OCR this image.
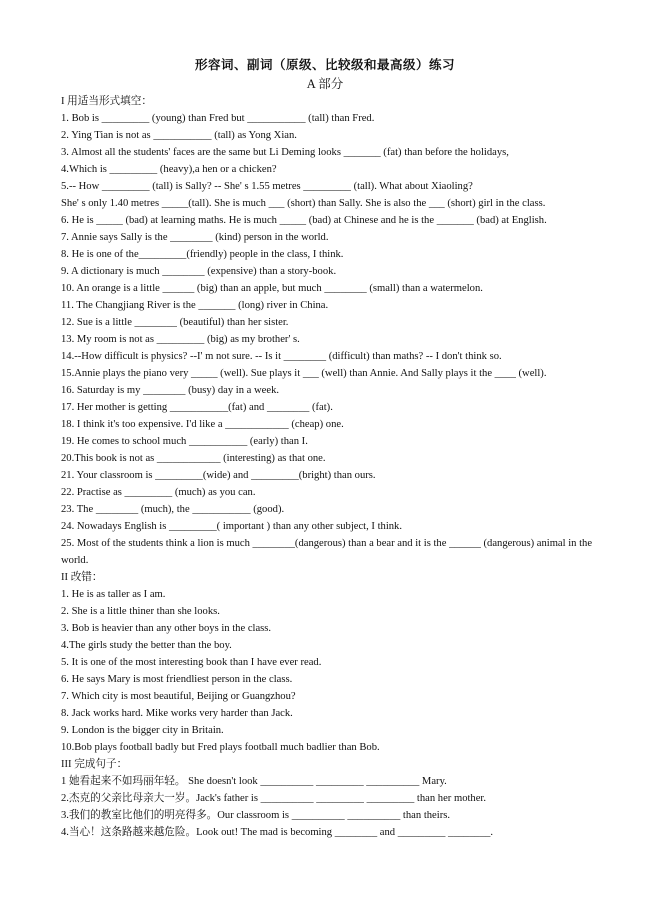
形容词、副词（原级、比较级和最高级）练习
A 部分
I 用适当形式填空：
1. Bob is _________ (young) than Fred but ___________ (tall) than Fred.
2. Ying Tian is not as ___________ (tall) as Yong Xian.
3. Almost all the students' faces are the same but Li Deming looks _______ (fat) than before the holidays,
4.Which is _________ (heavy),a hen or a chicken?
5.-- How _________ (tall) is Sally? -- She' s 1.55 metres _________ (tall). What about Xiaoling?
She' s only 1.40 metres _____(tall). She is much ___ (short) than Sally. She is also the ___ (short) girl in the class.
6. He is _____ (bad) at learning maths. He is much _____ (bad) at Chinese and he is the _______ (bad) at English.
7. Annie says Sally is the ________ (kind) person in the world.
8. He is one of the_________(friendly) people in the class, I think.
9. A dictionary is much ________ (expensive) than a story-book.
10. An orange is a little ______ (big) than an apple, but much ________ (small) than a watermelon.
11. The Changjiang River is the _______ (long) river in China.
12. Sue is a little ________ (beautiful) than her sister.
13. My room is not as _________ (big) as my brother' s.
14.--How difficult is physics? --I' m not sure. -- Is it ________ (difficult) than maths? -- I don't think so.
15.Annie plays the piano very _____ (well). Sue plays it ___ (well) than Annie. And Sally plays it the ____ (well).
16. Saturday is my ________ (busy) day in a week.
17. Her mother is getting ___________(fat) and ________ (fat).
18. I think it's too expensive. I'd like a ____________ (cheap) one.
19. He comes to school much ___________ (early) than I.
20.This book is not as ____________ (interesting) as that one.
21. Your classroom is _________(wide) and _________(bright) than ours.
22. Practise as _________ (much) as you can.
23. The ________ (much), the ___________ (good).
24. Nowadays English is _________( important ) than any other subject, I think.
25. Most of the students think a lion is much ________(dangerous) than a bear and it is the ______ (dangerous) animal in the world.
II 改错：
1. He is as taller as I am.
2. She is a little thiner than she looks.
3. Bob is heavier than any other boys in the class.
4.The girls study the better than the boy.
5. It is one of the most interesting book than I have ever read.
6. He says Mary is most friendliest person in the class.
7. Which city is most beautiful, Beijing or Guangzhou?
8. Jack works hard. Mike works very harder than Jack.
9. London is the bigger city in Britain.
10.Bob plays football badly but Fred plays football much badlier than Bob.
III 完成句子：
1 她看起来不如玛丽年轻。 She doesn't look __________ _________ __________ Mary.
2.杰克的父亲比母亲大一岁。Jack's father is __________ _________ _________ than her mother.
3.我们的教室比他们的明亮得多。Our classroom is __________ __________ than theirs.
4.当心！这条路越来越危险。Look out! The mad is becoming ________ and _________ ________.
